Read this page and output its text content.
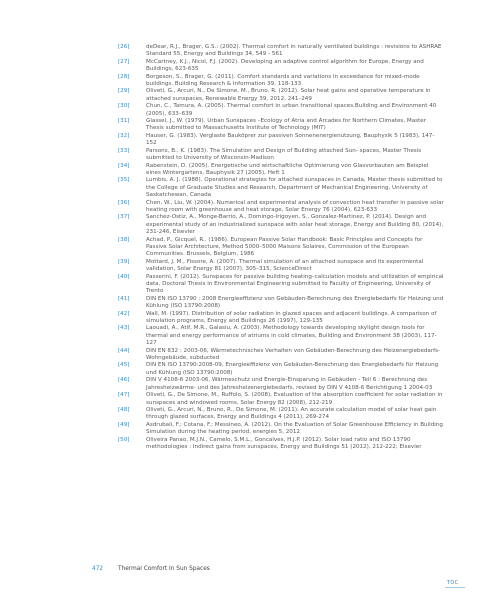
[26]	deDear, R.J., Brager, G.S.: (2002). Thermal comfort in naturally ventilated buildings : revisions to ASHRAE Standard 55, Energy and Buildings 34, 549 - 561
[27]	McCartney, K.J., Nicol, F.J. (2002). Developing an adaptive control algorithm for Europe, Energy and Buildings, 623-635
[28]	Borgeson, S., Brager, G. (2011). Comfort standards and variations in exceedance for mixed-mode buildings. Building Research & Information 39, 118-133
[29]	Oliveti, G., Arcuri, N., De Simone, M., Bruno, R. (2012). Solar heat gains and operative temperature in attached sunspaces, Renewable Energy 39, 2012, 241–249
[30]	Chun, C., Tamura, A. (2005). Thermal comfort in urban transitional spaces,Building and Environment 40 (2005), 633–639
[31]	Glassel, J., W. (1979). Urban Sunspaces –Ecology of Atria and Arcades for Northern Climates, Master Thesis submitted to Massachusetts Institute of Technology (MIT)
[32]	Hauser, G. (1983). Verglaste Bauköprer zur passiven Sonnenenergienutzung, Bauphysik 5 (1983), 147-152
[33]	Parsons, B., K. (1983). The Simulation and Design of Building attached Sun- spaces, Master Thesis submitted to University of Wisconsin-Madison
[34]	Rabenstein, D. (2005). Energetische und wirtschaftliche Optimierung von Glasvorbauten am Beispiel eines Wintergartens, Bauphysik 27 (2005), Heft 1
[35]	Lumbis, A. J. (1988). Operational strategies for attached sunspaces in Canada, Master thesis submitted to the College of Graduate Studies and Research, Department of Mechanical Engineering, University of Saskatchewan, Canada
[36]	Chen, W., Liu, W. (2004). Numerical and experimental analysis of convection heat transfer in passive solar heating room with greenhouse and heat storage, Solar Energy 76 (2004), 623-633
[37]	Sanchez-Ostiz, A., Monge-Barrio, A., Domingo-Irigoyen, S., Gonzalez-Martinez, P. (2014). Design and experimental study of an industrialized sunspace with solar heat storage, Energy and Building 80, (2014), 231-246, Elsevier
[38]	Achad, P., Gicquel, R.. (1986). European Passive Solar Handbook: Basic Principles and Concepts for Passive Solar Architecture, Method 5000–5000 Maisons Solaires, Commission of the European Communities. Brussels, Belgium, 1986
[39]	Mottard, J. M., Fissore, A. (2007). Thermal simulation of an attached sunspace and its experimental validation, Solar Energy 81 (2007), 305–315, ScienceDirect
[40]	Passerini, F. (2012). Sunspaces for passive building heating–calculation models and utilization of empirical data, Doctoral Thesis in Environmental Engineering submitted to Faculty of Engineering, University of Trento
[41]	DIN EN ISO 13790 : 2008 Energieeffizienz von Gebäuden-Berechnung des Energiebedarfs für Heizung und Kühlung (ISO 13790:2008)
[42]	Wall, M. (1997). Distribution of solar radiation in glazed spaces and adjacent buildings. A comparison of simulation programs, Energy and Buildings 26 (1997), 129-135
[43]	Laouadi, A., Atif, M.R., Galasiu, A. (2003). Methodology towards developing skylight design tools for thermal and energy performance of atriums in cold climates, Building and Environment 38 (2003), 117-127
[44]	DIN EN 832 : 2003-06, Wärmetechnisches Verhalten von Gebäuden-Berechnung des Heizenergiebedarfs-Wohngebäude, subducted
[45]	DIN EN ISO 13790:2008-09, Energieeffizienz von Gebäuden-Berechnung des Energiebedarfs für Heizung und Kühlung (ISO 13790:2008)
[46]	DIN V 4108-6 2003-06, Wärmeschutz und Energie-Einsparung in Gebäuden - Teil 6 : Berechnung des Jahresheizwärme- und des Jahresheizenergiebedarfs, revised by DIN V 4108-6 Berichtigung 1 2004-03
[47]	Oliveti, G., De Simone, M., Ruffolo, S. (2008), Evaluation of the absorption coefficient for solar radiation in sunspaces and windowed rooms, Solar Energy 82 (2008), 212-219
[48]	Oliveti, G., Arcuri, N., Bruno, R., De Simone, M. (2011). An accurate calculation model of solar heat gain through glazed surfaces, Energy and Buildings 4 (2011), 269-274
[49]	Asdrubali, F.; Cotana, F.; Messineo, A. (2012). On the Evaluation of Solar Greenhouse Efficiency in Building Simulation during the heating period, energies 5, 2012
[50]	Oliveira Panao, M.J.N., Camelo, S.M.L., Goncalves, H.J.P. (2012). Solar load ratio and ISO 13790 methodologies : Indirect gains from sunspaces, Energy and Buildings 51 (2012), 212-222; Elsevier
472	Thermal Comfort In Sun Spaces
TOC
